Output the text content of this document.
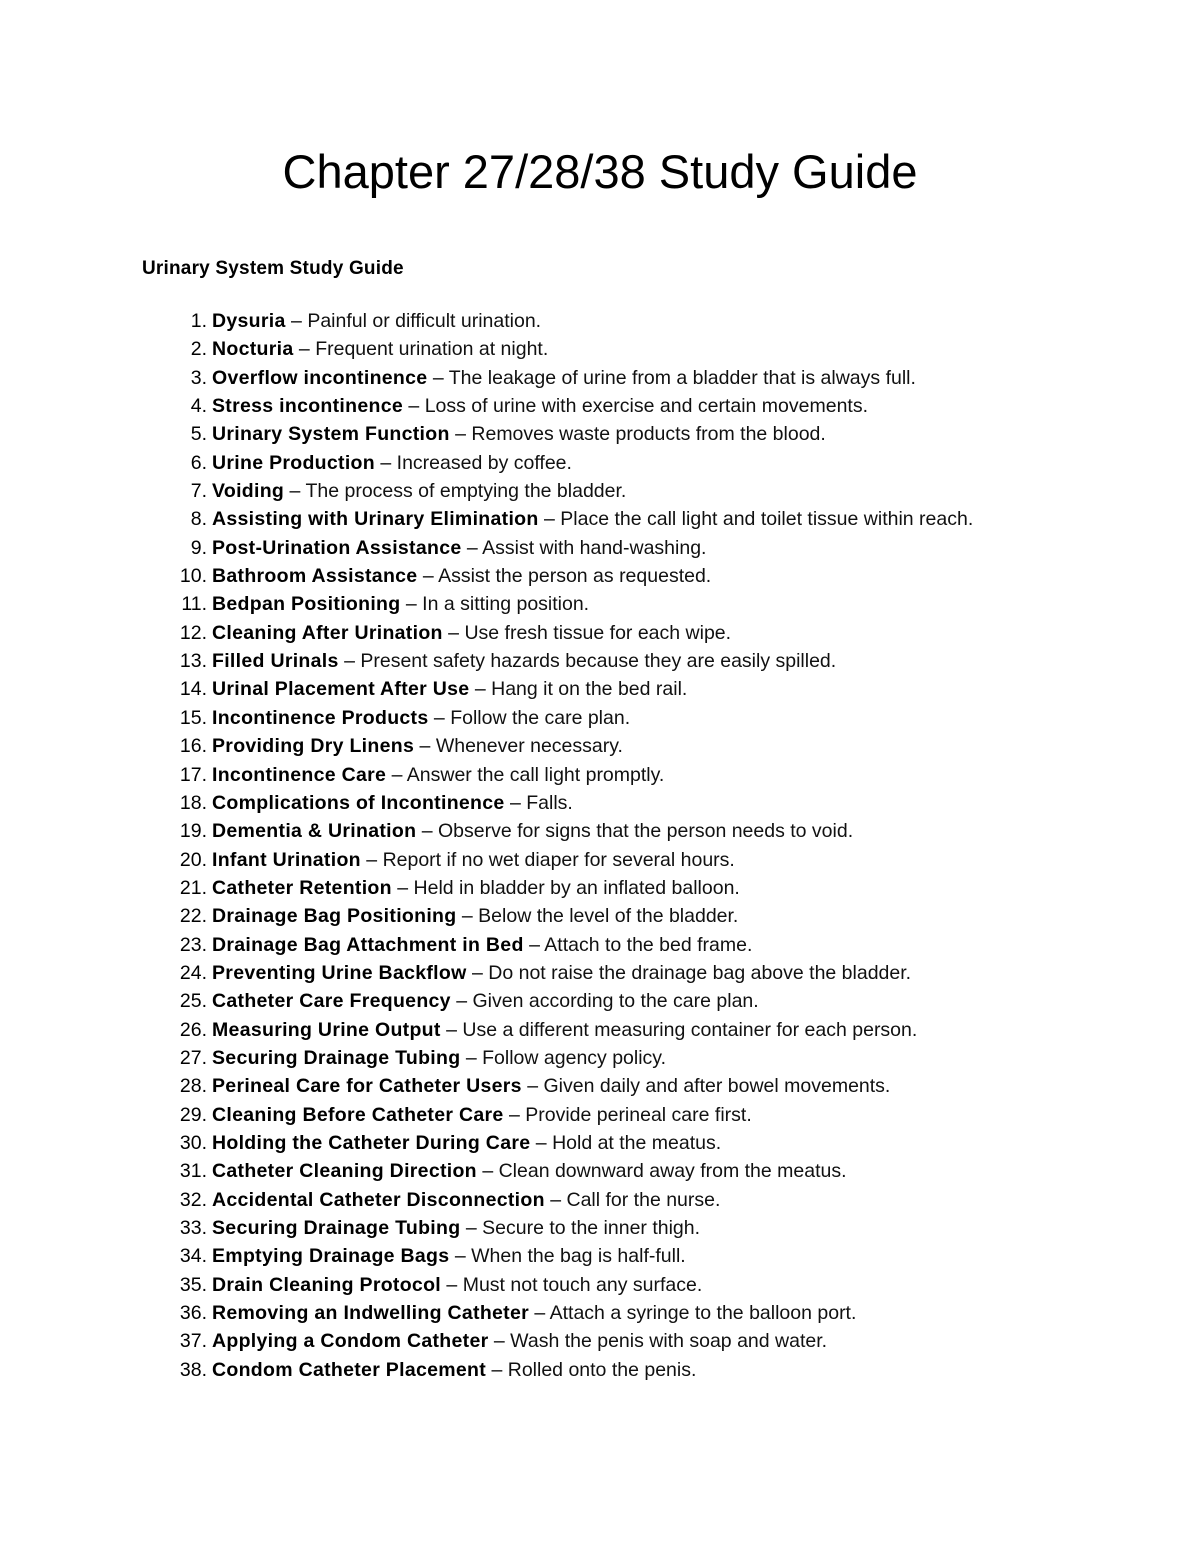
Chapter 27/28/38 Study Guide
Urinary System Study Guide
1. Dysuria – Painful or difficult urination.
2. Nocturia – Frequent urination at night.
3. Overflow incontinence – The leakage of urine from a bladder that is always full.
4. Stress incontinence – Loss of urine with exercise and certain movements.
5. Urinary System Function – Removes waste products from the blood.
6. Urine Production – Increased by coffee.
7. Voiding – The process of emptying the bladder.
8. Assisting with Urinary Elimination – Place the call light and toilet tissue within reach.
9. Post-Urination Assistance – Assist with hand-washing.
10. Bathroom Assistance – Assist the person as requested.
11. Bedpan Positioning – In a sitting position.
12. Cleaning After Urination – Use fresh tissue for each wipe.
13. Filled Urinals – Present safety hazards because they are easily spilled.
14. Urinal Placement After Use – Hang it on the bed rail.
15. Incontinence Products – Follow the care plan.
16. Providing Dry Linens – Whenever necessary.
17. Incontinence Care – Answer the call light promptly.
18. Complications of Incontinence – Falls.
19. Dementia & Urination – Observe for signs that the person needs to void.
20. Infant Urination – Report if no wet diaper for several hours.
21. Catheter Retention – Held in bladder by an inflated balloon.
22. Drainage Bag Positioning – Below the level of the bladder.
23. Drainage Bag Attachment in Bed – Attach to the bed frame.
24. Preventing Urine Backflow – Do not raise the drainage bag above the bladder.
25. Catheter Care Frequency – Given according to the care plan.
26. Measuring Urine Output – Use a different measuring container for each person.
27. Securing Drainage Tubing – Follow agency policy.
28. Perineal Care for Catheter Users – Given daily and after bowel movements.
29. Cleaning Before Catheter Care – Provide perineal care first.
30. Holding the Catheter During Care – Hold at the meatus.
31. Catheter Cleaning Direction – Clean downward away from the meatus.
32. Accidental Catheter Disconnection – Call for the nurse.
33. Securing Drainage Tubing – Secure to the inner thigh.
34. Emptying Drainage Bags – When the bag is half-full.
35. Drain Cleaning Protocol – Must not touch any surface.
36. Removing an Indwelling Catheter – Attach a syringe to the balloon port.
37. Applying a Condom Catheter – Wash the penis with soap and water.
38. Condom Catheter Placement – Rolled onto the penis.
